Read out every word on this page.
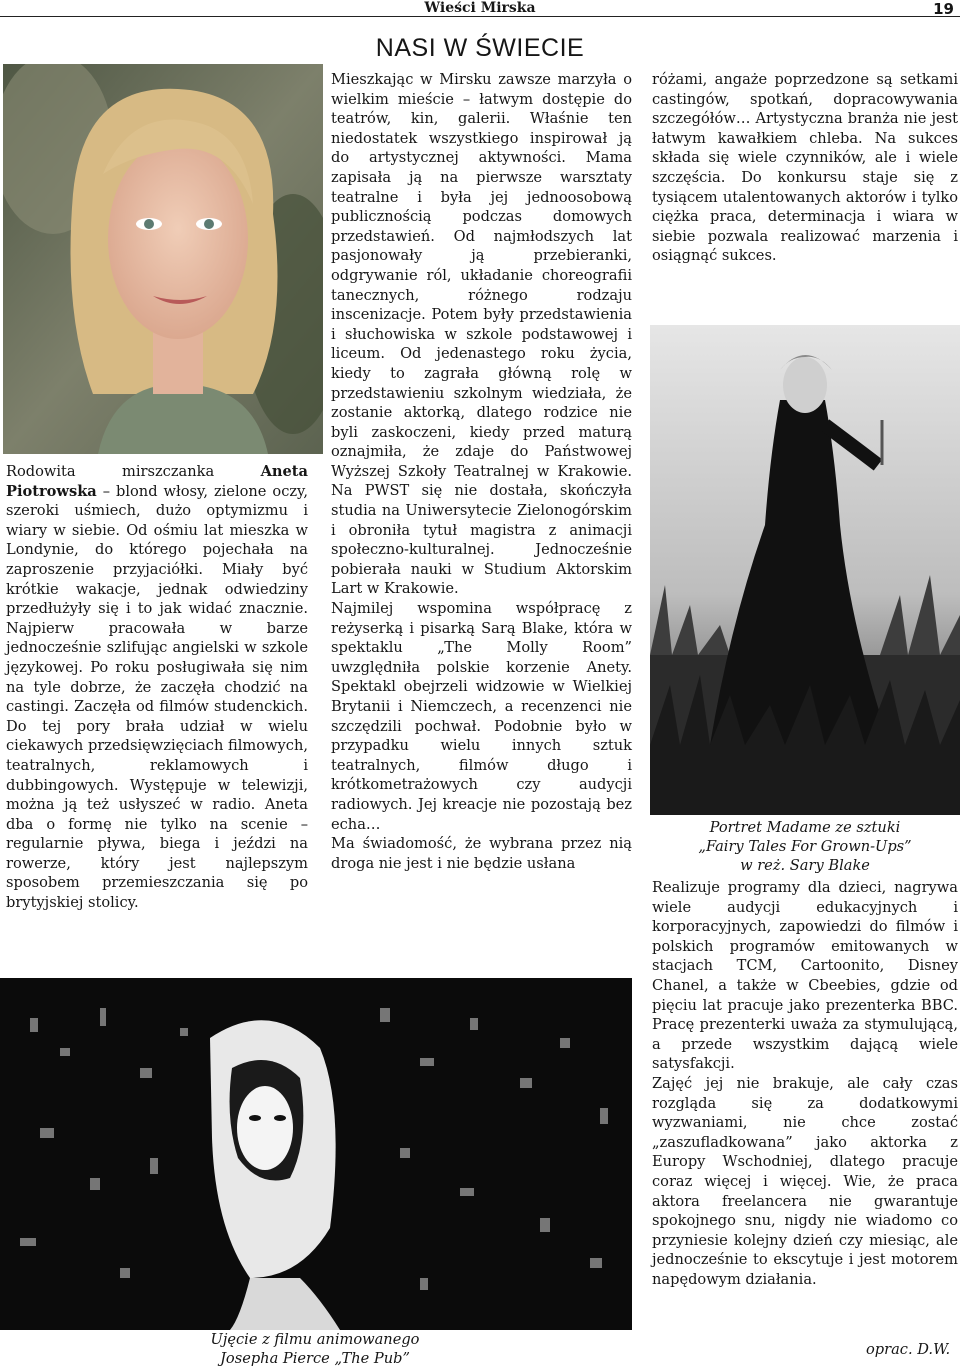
Wieści Mirska	19
NASI W ŚWIECIE

Rodowita mirszczanka Aneta Piotrowska – blond włosy, zielone oczy, szeroki uśmiech, dużo optymizmu i wiary w siebie. Od ośmiu lat mieszka w Londynie, do którego pojechała na zaproszenie przyjaciółki. Miały być krótkie wakacje, jednak odwiedziny przedłużyły się i to jak widać znacznie. Najpierw pracowała w barze jednocześnie szlifując angielski w szkole językowej. Po roku posługiwała się nim na tyle dobrze, że zaczęła chodzić na castingi. Zaczęła od filmów studenckich. Do tej pory brała udział w wielu ciekawych przedsięwzięciach filmowych, teatralnych, reklamowych i dubbingowych. Występuje w telewizji, można ją też usłyszeć w radio. Aneta dba o formę nie tylko na scenie – regularnie pływa, biega i jeździ na rowerze, który jest najlepszym sposobem przemieszczania się po brytyjskiej stolicy.

Mieszkając w Mirsku zawsze marzyła o wielkim mieście – łatwym dostępie do teatrów, kin, galerii. Właśnie ten niedostatek wszystkiego inspirował ją do artystycznej aktywności. Mama zapisała ją na pierwsze warsztaty teatralne i była jej jednoosobową publicznością podczas domowych przedstawień. Od najmłodszych lat pasjonowały ją przebieranki, odgrywanie ról, układanie choreografii tanecznych, różnego rodzaju inscenizacje. Potem były przedstawienia i słuchowiska w szkole podstawowej i liceum. Od jedenastego roku życia, kiedy to zagrała główną rolę w przedstawieniu szkolnym wiedziała, że zostanie aktorką, dlatego rodzice nie byli zaskoczeni, kiedy przed maturą oznajmiła, że zdaje do Państwowej Wyższej Szkoły Teatralnej w Krakowie. Na PWST się nie dostała, skończyła studia na Uniwersytecie Zielonogórskim i obroniła tytuł magistra z animacji społeczno-kulturalnej. Jednocześnie pobierała nauki w Studium Aktorskim Lart w Krakowie.

Najmilej wspomina współpracę z reżyserką i pisarką Sarą Blake, która w spektaklu „The Molly Room” uwzględniła polskie korzenie Anety. Spektakl obejrzeli widzowie w Wielkiej Brytanii i Niemczech, a recenzenci nie szczędzili pochwał. Podobnie było w przypadku wielu innych sztuk teatralnych, filmów długo i krótkometrażowych czy audycji radiowych. Jej kreacje nie pozostają bez echa…

Ma świadomość, że wybrana przez nią droga nie jest i nie będzie usłana

różami, angaże poprzedzone są setkami castingów, spotkań, dopracowywania szczegółów… Artystyczna branża nie jest łatwym kawałkiem chleba. Na sukces składa się wiele czynników, ale i wiele szczęścia. Do konkursu staje się z tysiącem utalentowanych aktorów i tylko ciężka praca, determinacja i wiara w siebie pozwala realizować marzenia i osiągnąć sukces.

Portret Madame ze sztuki
„Fairy Tales For Grown-Ups”
w reż. Sary Blake

Realizuje programy dla dzieci, nagrywa wiele audycji edukacyjnych i korporacyjnych, zapowiedzi do filmów i polskich programów emitowanych w stacjach TCM, Cartoonito, Disney Chanel, a także w Cbeebies, gdzie od pięciu lat pracuje jako prezenterka BBC. Pracę prezenterki uważa za stymulującą, a przede wszystkim dającą wiele satysfakcji.

Zajęć jej nie brakuje, ale cały czas rozgląda się za dodatkowymi wyzwaniami, nie chce zostać „zaszufladkowana” jako aktorka z Europy Wschodniej, dlatego pracuje coraz więcej i więcej. Wie, że praca aktora freelancera nie gwarantuje spokojnego snu, nigdy nie wiadomo co przyniesie kolejny dzień czy miesiąc, ale jednocześnie to ekscytuje i jest motorem napędowym działania.

Ujęcie z filmu animowanego
Josepha Pierce „The Pub”
oprac. D.W.
